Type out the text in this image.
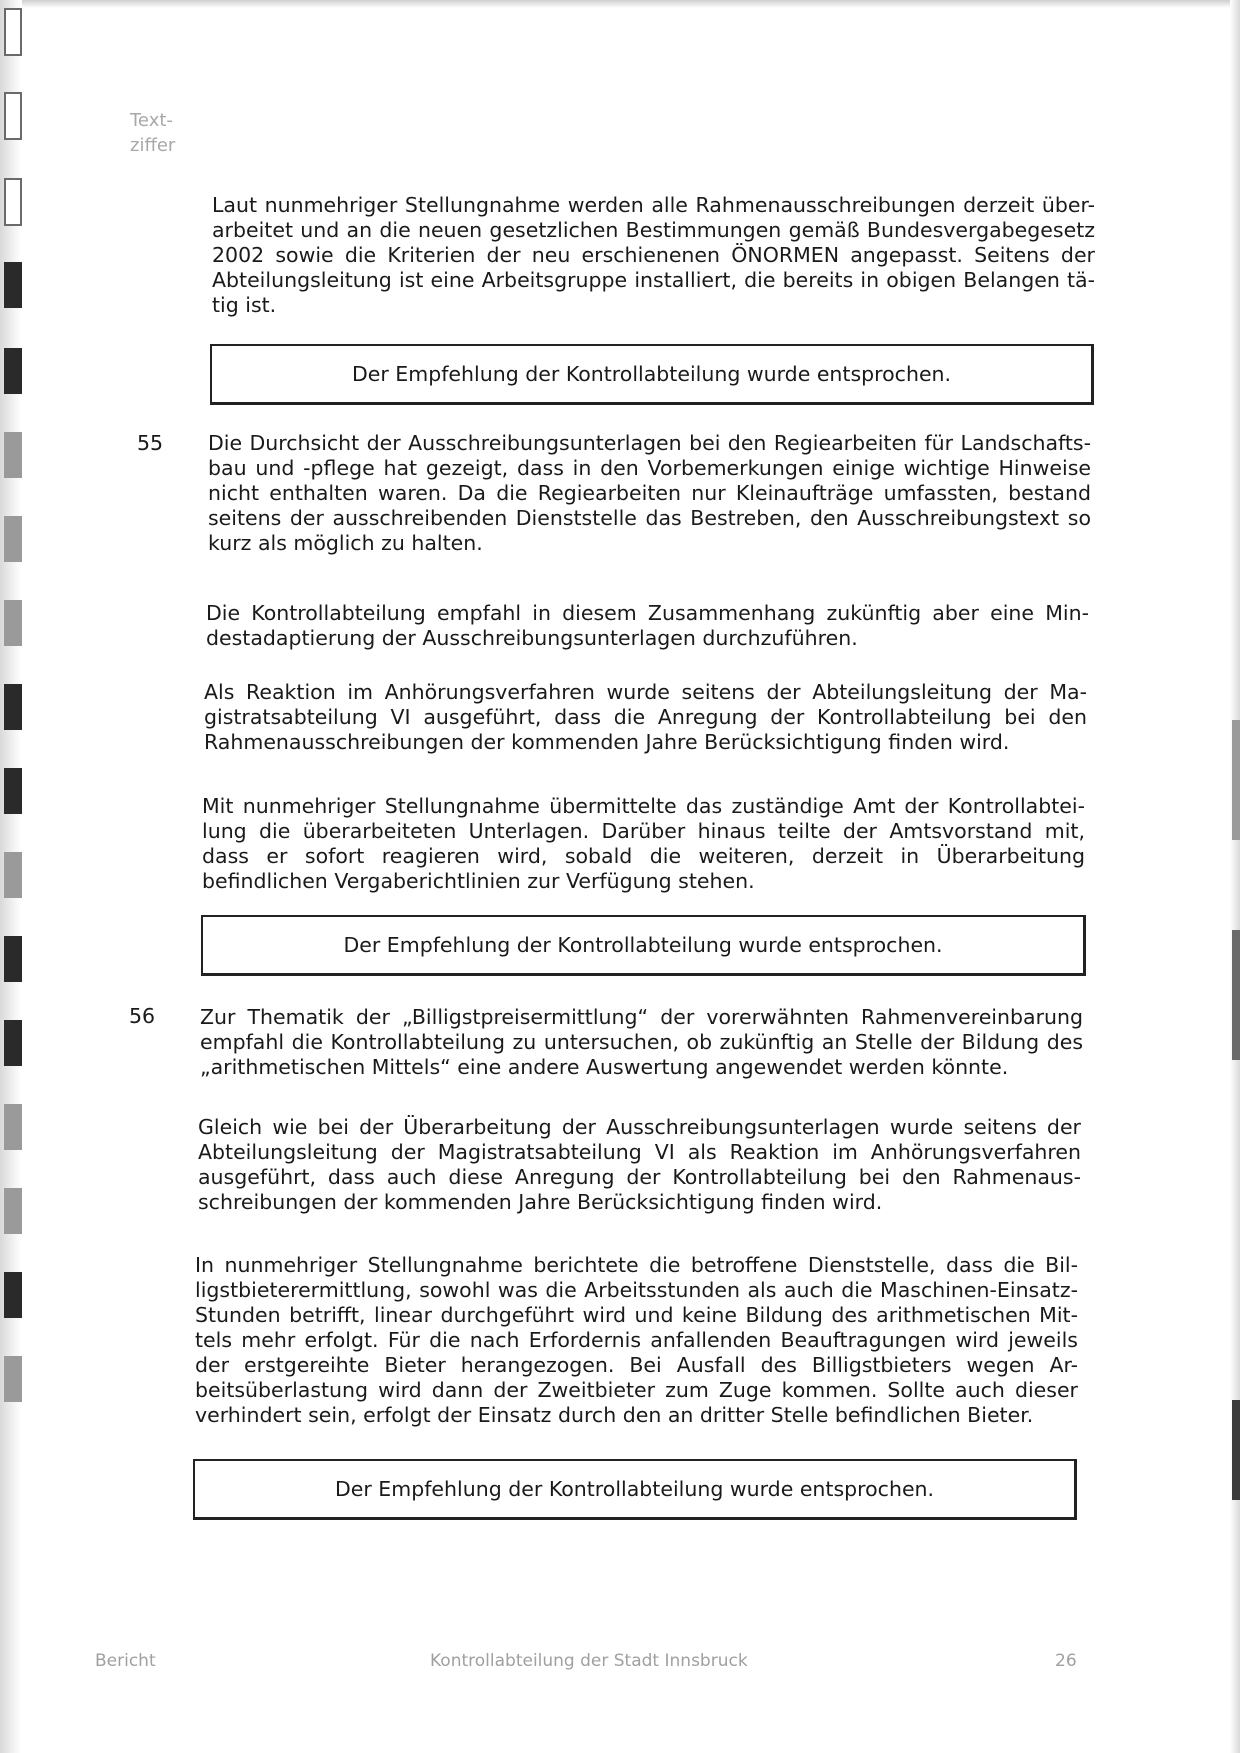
Text-
ziffer
Laut nunmehriger Stellungnahme werden alle Rahmenausschreibungen derzeit über-arbeitet und an die neuen gesetzlichen Bestimmungen gemäß Bundesvergabegesetz 2002 sowie die Kriterien der neu erschienenen ÖNORMEN angepasst. Seitens der Abteilungsleitung ist eine Arbeitsgruppe installiert, die bereits in obigen Belangen tä-tig ist.
Der Empfehlung der Kontrollabteilung wurde entsprochen.
55 Die Durchsicht der Ausschreibungsunterlagen bei den Regiearbeiten für Landschafts-bau und -pflege hat gezeigt, dass in den Vorbemerkungen einige wichtige Hinweise nicht enthalten waren. Da die Regiearbeiten nur Kleinaufträge umfassten, bestand seitens der ausschreibenden Dienststelle das Bestreben, den Ausschreibungstext so kurz als möglich zu halten.
Die Kontrollabteilung empfahl in diesem Zusammenhang zukünftig aber eine Min-destadaptierung der Ausschreibungsunterlagen durchzuführen.
Als Reaktion im Anhörungsverfahren wurde seitens der Abteilungsleitung der Ma-gistratsabteilung VI ausgeführt, dass die Anregung der Kontrollabteilung bei den Rahmenausschreibungen der kommenden Jahre Berücksichtigung finden wird.
Mit nunmehriger Stellungnahme übermittelte das zuständige Amt der Kontrollabtei-lung die überarbeiteten Unterlagen. Darüber hinaus teilte der Amtsvorstand mit, dass er sofort reagieren wird, sobald die weiteren, derzeit in Überarbeitung befindlichen Vergaberichtlinien zur Verfügung stehen.
Der Empfehlung der Kontrollabteilung wurde entsprochen.
56 Zur Thematik der „Billigstpreisermittlung“ der vorerwähnten Rahmenvereinbarung empfahl die Kontrollabteilung zu untersuchen, ob zukünftig an Stelle der Bildung des „arithmetischen Mittels“ eine andere Auswertung angewendet werden könnte.
Gleich wie bei der Überarbeitung der Ausschreibungsunterlagen wurde seitens der Abteilungsleitung der Magistratsabteilung VI als Reaktion im Anhörungsverfahren ausgeführt, dass auch diese Anregung der Kontrollabteilung bei den Rahmenaus-schreibungen der kommenden Jahre Berücksichtigung finden wird.
In nunmehriger Stellungnahme berichtete die betroffene Dienststelle, dass die Bil-ligstbieterermittlung, sowohl was die Arbeitsstunden als auch die Maschinen-Einsatz-Stunden betrifft, linear durchgeführt wird und keine Bildung des arithmetischen Mit-tels mehr erfolgt. Für die nach Erfordernis anfallenden Beauftragungen wird jeweils der erstgereihte Bieter herangezogen. Bei Ausfall des Billigstbieters wegen Ar-beitsüberlastung wird dann der Zweitbieter zum Zuge kommen. Sollte auch dieser verhindert sein, erfolgt der Einsatz durch den an dritter Stelle befindlichen Bieter.
Der Empfehlung der Kontrollabteilung wurde entsprochen.
Bericht	Kontrollabteilung der Stadt Innsbruck	26
